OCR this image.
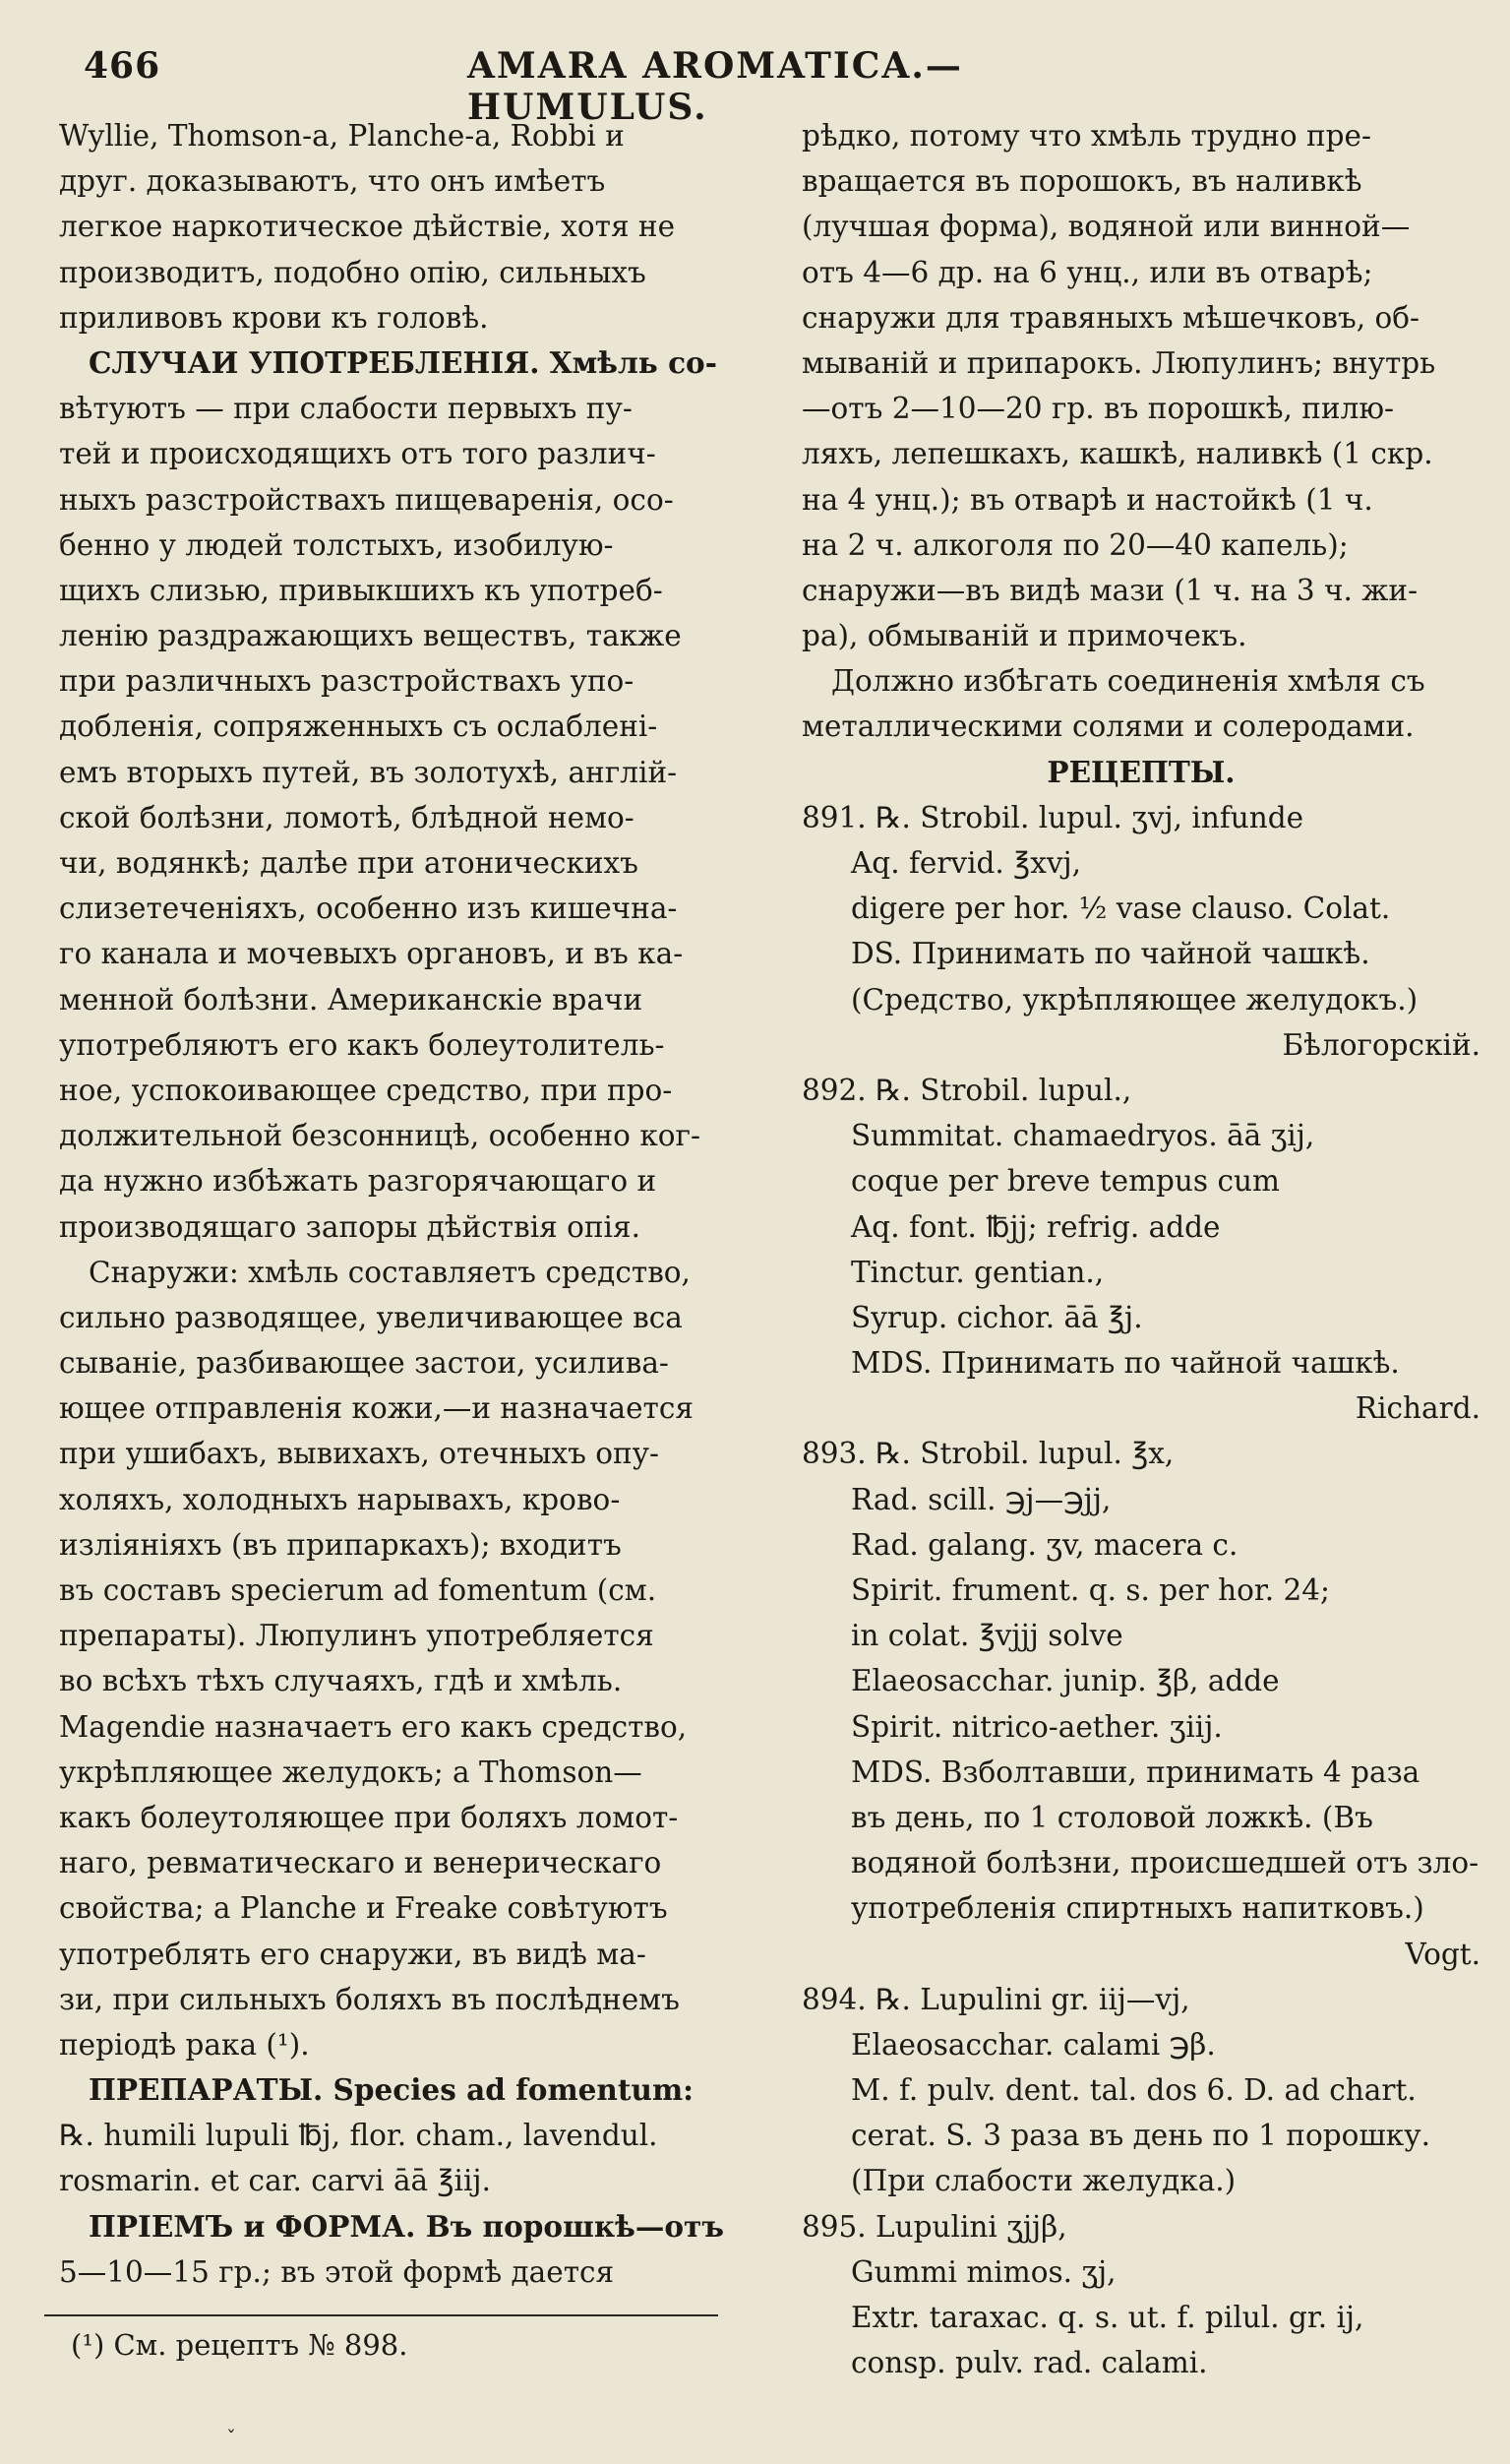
466	AMARA AROMATICA.—HUMULUS.
Wyllie, Thomson-а, Planche-а, Robbi и
друг. доказываютъ, что онъ имѣетъ
легкое наркотическое дѣйствіе, хотя не
производитъ, подобно опію, сильныхъ
приливовъ крови къ головѣ.
СЛУЧАИ УПОТРЕБЛЕНІЯ. Хмѣль со-
вѣтуютъ — при слабости первыхъ пу-
тей и происходящихъ отъ того различ-
ныхъ разстройствахъ пищеваренія, осо-
бенно у людей толстыхъ, изобилую-
щихъ слизью, привыкшихъ къ употреб-
ленію раздражающихъ веществъ, также
при различныхъ разстройствахъ упо-
добленія, сопряженныхъ съ ослабленi-
емъ вторыхъ путей, въ золотухѣ, англій-
ской болѣзни, ломотѣ, блѣдной немо-
чи, водянкѣ; далѣе при атоническихъ
слизетеченіяхъ, особенно изъ кишечна-
го канала и мочевыхъ органовъ, и въ ка-
менной болѣзни. Американскіе врачи
употребляютъ его какъ болеутолитель-
ное, успокоивающее средство, при про-
должительной безсонницѣ, особенно ког-
да нужно избѣжать разгорячающаго и
производящаго запоры дѣйствія опія.
Снаружи: хмѣль составляетъ средство,
сильно разводящее, увеличивающее вса
сываніе, разбивающее застои, усилива-
ющее отправленія кожи,—и назначается
при ушибахъ, вывихахъ, отечныхъ опу-
холяхъ, холодныхъ нарывахъ, крово-
изліяніяхъ (въ припаркахъ); входитъ
въ составъ specierum ad fomentum (см.
препараты). Люпулинъ употребляется
во всѣхъ тѣхъ случаяхъ, гдѣ и хмѣль.
Magendie назначаетъ его какъ средство,
укрѣпляющее желудокъ; а Thomson—
какъ болеутоляющее при боляхъ ломот-
наго, ревматическаго и венерическаго
свойства; а Planche и Freake совѣтуютъ
употреблять его снаружи, въ видѣ ма-
зи, при сильныхъ боляхъ въ послѣднемъ
періодѣ рака (¹).
ПРЕПАРАТЫ. Species ad fomentum:
℞. humili lupuli ℔j, flor. cham., lavendul.
rosmarin. et car. carvi āā ℥iij.
ПРІЕМЪ и ФОРМА. Въ порошкѣ—отъ
5—10—15 гр.; въ этой формѣ дается
рѣдко, потому что хмѣль трудно пре-
вращается въ порошокъ, въ наливкѣ
(лучшая форма), водяной или винной—
отъ 4—6 др. на 6 унц., или въ отварѣ;
снаружи для травяныхъ мѣшечковъ, об-
мываній и припарокъ. Люпулинъ; внутрь
—отъ 2—10—20 гр. въ порошкѣ, пилю-
ляхъ, лепешкахъ, кашкѣ, наливкѣ (1 скр.
на 4 унц.); въ отварѣ и настойкѣ (1 ч.
на 2 ч. алкоголя по 20—40 капель);
снаружи—въ видѣ мази (1 ч. на 3 ч. жи-
ра), обмываній и примочекъ.
Должно избѣгать соединенія хмѣля съ
металлическими солями и солеродами.
РЕЦЕПТЫ.
891. ℞. Strobil. lupul. ʒvj, infunde
Aq. fervid. ℥xvj,
digere per hor. ½ vase clauso. Colat.
DS. Принимать по чайной чашкѣ.
(Средство, укрѣпляющее желудокъ.)
Бѣлогорскій.
892. ℞. Strobil. lupul.,
Summitat. chamaedryos. āā ʒij,
coque per breve tempus cum
Aq. font. ℔jj; refrig. adde
Tinctur. gentian.,
Syrup. cichor. āā ℥j.
MDS. Принимать по чайной чашкѣ.
Richard.
893. ℞. Strobil. lupul. ℥x,
Rad. scill. ℈j—℈jj,
Rad. galang. ʒv, macera c.
Spirit. frument. q. s. per hor. 24;
in colat. ℥vjjj solve
Elaeosacchar. junip. ℥β, adde
Spirit. nitrico-aether. ʒiij.
MDS. Взболтавши, принимать 4 раза
въ день, по 1 столовой ложкѣ. (Въ
водяной болѣзни, происшедшей отъ зло-
употребленія спиртныхъ напитковъ.)
Vogt.
894. ℞. Lupulini gr. iij—vj,
Elaeosacchar. calami ℈β.
M. f. pulv. dent. tal. dos 6. D. ad chart.
cerat. S. 3 раза въ день по 1 порошку.
(При слабости желудка.)
895. Lupulini ʒjjβ,
Gummi mimos. ʒj,
Extr. taraxac. q. s. ut. f. pilul. gr. ij,
consp. pulv. rad. calami.
(¹) См. рецептъ № 898.
ˇ
